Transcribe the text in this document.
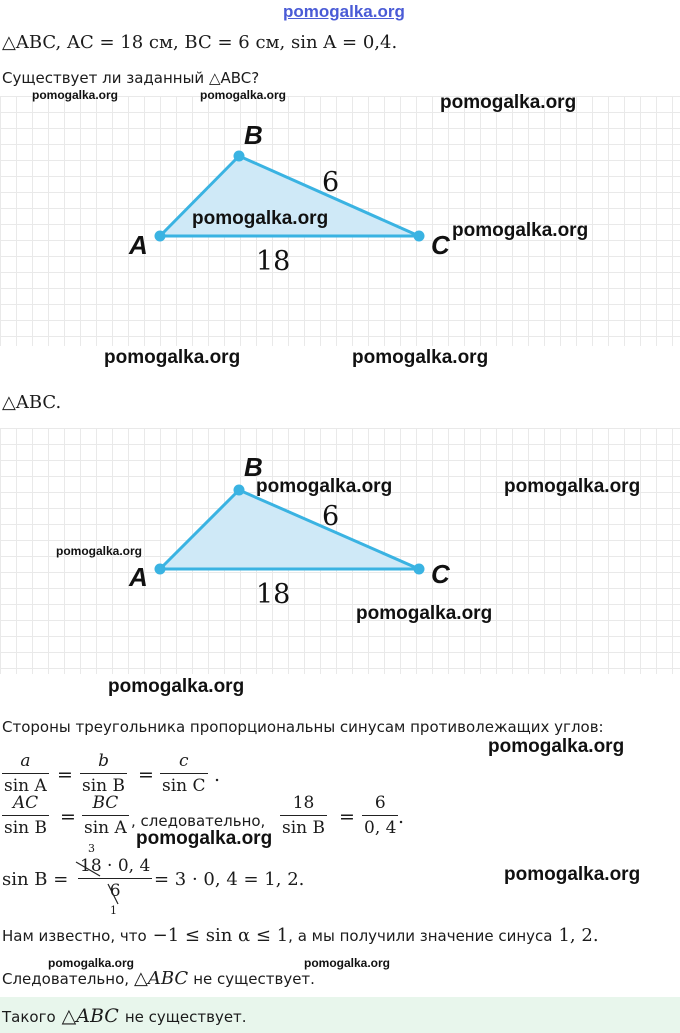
pomogalka.org
△ABC, AC = 18 см, BC = 6 см, sin A = 0,4.
Существует ли заданный △ABC?
A
B
C
6
18
△ABC.
A
B
C
6
18
Стороны треугольника пропорциональны синусам противолежащих углов:
a
sin A =
b
sin B =
c
sin C .
AC
sin B =
BC
sin A , следовательно,
18
sin B =
6
0, 4 .
sin B =
3
18 · 0, 4
6
1
= 3 · 0, 4 = 1, 2.
Нам известно, что −1 ≤ sin α ≤ 1 , а мы получили значение синуса 1, 2.
Следовательно, △ABC не существует.
Такого △ABC не существует.
pomogalka.org	pomogalka.org	pomogalka.org
pomogalka.org
pomogalka.org
pomogalka.org	pomogalka.org
pomogalka.org	pomogalka.org
pomogalka.org
pomogalka.org
pomogalka.org
pomogalka.org
pomogalka.org
pomogalka.org
pomogalka.org	pomogalka.org
